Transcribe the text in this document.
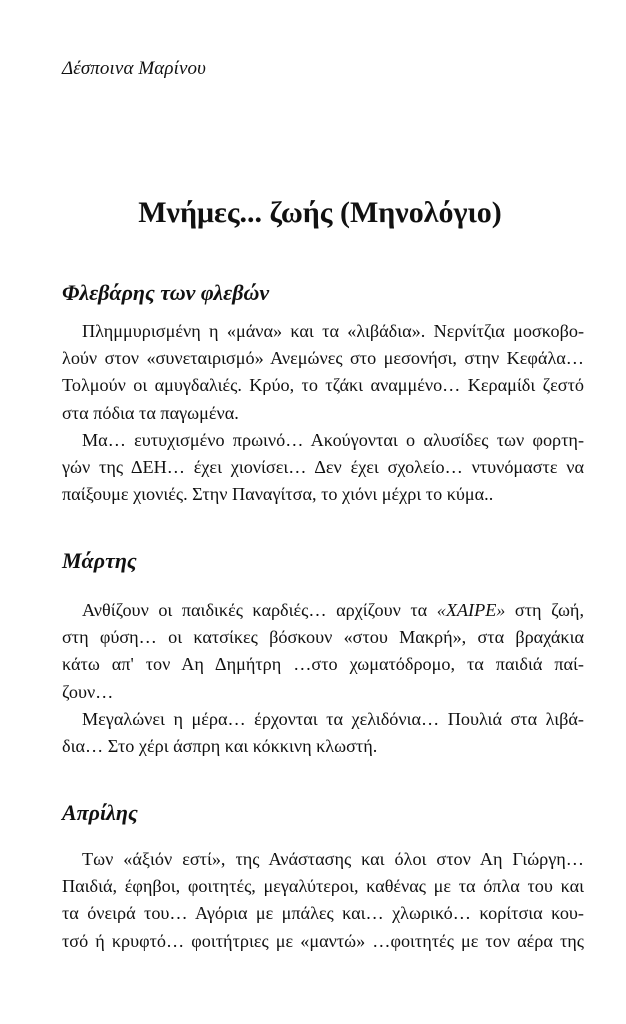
Δέσποινα Μαρίνου
Μνήμες... ζωής (Μηνολόγιο)
Φλεβάρης των φλεβών
Πλημμυρισμένη η «μάνα» και τα «λιβάδια». Νερνίτζια μοσκοβο-
λούν στον «συνεταιρισμό» Ανεμώνες στο μεσονήσι, στην Κεφάλα…
Τολμούν οι αμυγδαλιές. Κρύο, το τζάκι αναμμένο… Κεραμίδι ζεστό
στα πόδια τα παγωμένα.
Μα… ευτυχισμένο πρωινό… Ακούγονται ο αλυσίδες των φορτη-
γών της ΔΕΗ… έχει χιονίσει… Δεν έχει σχολείο… ντυνόμαστε να
παίξουμε χιονιές. Στην Παναγίτσα, το χιόνι μέχρι το κύμα..
Μάρτης
Ανθίζουν οι παιδικές καρδιές… αρχίζουν τα «ΧΑΙΡΕ» στη ζωή,
στη φύση… οι κατσίκες βόσκουν «στου Μακρή», στα βραχάκια
κάτω απ' τον Αη Δημήτρη …στο χωματόδρομο, τα παιδιά παί-
ζουν…
Μεγαλώνει η μέρα… έρχονται τα χελιδόνια… Πουλιά στα λιβά-
δια… Στο χέρι άσπρη και κόκκινη κλωστή.
Απρίλης
Των «άξιόν εστί», της Ανάστασης και όλοι στον Αη Γιώργη…
Παιδιά, έφηβοι, φοιτητές, μεγαλύτεροι, καθένας με τα όπλα του και
τα όνειρά του… Αγόρια με μπάλες και… χλωρικό… κορίτσια κου-
τσό ή κρυφτό… φοιτήτριες με «μαντώ» …φοιτητές με τον αέρα της
